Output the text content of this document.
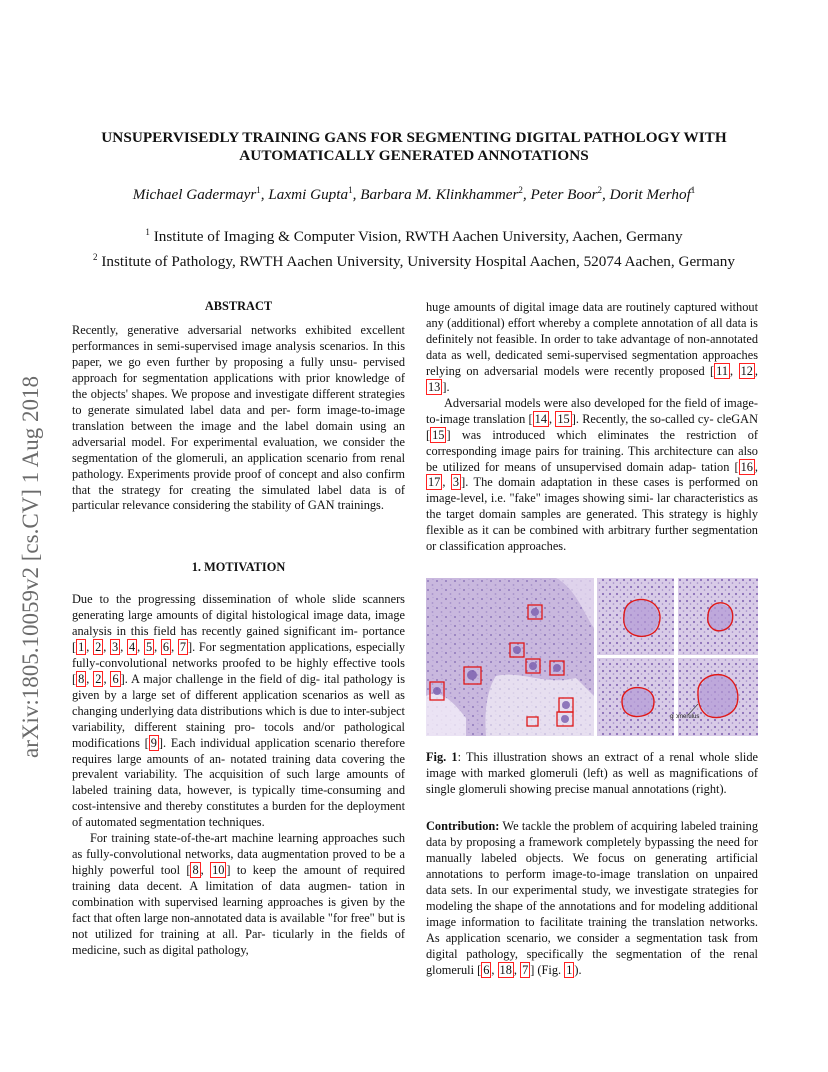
UNSUPERVISEDLY TRAINING GANS FOR SEGMENTING DIGITAL PATHOLOGY WITH
AUTOMATICALLY GENERATED ANNOTATIONS
Michael Gadermayr$^1$, Laxmi Gupta$^1$, Barbara M. Klinkhammer$^2$, Peter Boor$^2$, Dorit Merhof$^1$
$^1$ Institute of Imaging & Computer Vision, RWTH Aachen University, Aachen, Germany
$^2$ Institute of Pathology, RWTH Aachen University, University Hospital Aachen, 52074 Aachen, Germany
arXiv:1805.10059v2 [cs.CV] 1 Aug 2018
ABSTRACT

Recently, generative adversarial networks exhibited excellent performances in semi-supervised image analysis scenarios. In this paper, we go even further by proposing a fully unsu- pervised approach for segmentation applications with prior knowledge of the objects' shapes. We propose and investigate different strategies to generate simulated label data and per- form image-to-image translation between the image and the label domain using an adversarial model. For experimental evaluation, we consider the segmentation of the glomeruli, an application scenario from renal pathology. Experiments provide proof of concept and also confirm that the strategy for creating the simulated label data is of particular relevance considering the stability of GAN trainings.

1. MOTIVATION

Due to the progressing dissemination of whole slide scanners generating large amounts of digital histological image data, image analysis in this field has recently gained significant im- portance [ 1 , 2 , 3 , 4 , 5 , 6 , 7 ]. For segmentation applications, especially fully-convolutional networks proofed to be highly effective tools [ 8 , 2 , 6 ]. A major challenge in the field of dig- ital pathology is given by a large set of different application scenarios as well as changing underlying data distributions which is due to inter-subject variability, different staining pro- tocols and/or pathological modifications [ 9 ]. Each individual application scenario therefore requires large amounts of an- notated training data covering the prevalent variability. The acquisition of such large amounts of labeled training data, however, is typically time-consuming and cost-intensive and thereby constitutes a burden for the deployment of automated segmentation techniques.

For training state-of-the-art machine learning approaches such as fully-convolutional networks, data augmentation proved to be a highly powerful tool [ 8 , 10 ] to keep the amount of required training data decent. A limitation of data augmen- tation in combination with supervised learning approaches is given by the fact that often large non-annotated data is available "for free" but is not utilized for training at all. Par- ticularly in the fields of medicine, such as digital pathology,

huge amounts of digital image data are routinely captured without any (additional) effort whereby a complete annotation of all data is definitely not feasible. In order to take advantage of non-annotated data as well, dedicated semi-supervised segmentation approaches relying on adversarial models were recently proposed [ 11 , 12 , 13 ].

Adversarial models were also developed for the field of image-to-image translation [ 14 , 15 ]. Recently, the so-called cy- cleGAN [ 15 ] was introduced which eliminates the restriction of corresponding image pairs for training. This architecture can also be utilized for means of unsupervised domain adap- tation [ 16 , 17 , 3 ]. The domain adaptation in these cases is performed on image-level, i.e. "fake" images showing simi- lar characteristics as the target domain samples are generated. This strategy is highly flexible as it can be combined with arbitrary further segmentation or classification approaches.

glomerulus

Fig. 1: This illustration shows an extract of a renal whole slide image with marked glomeruli (left) as well as magnifications of single glomeruli showing precise manual annotations (right).

Contribution: We tackle the problem of acquiring labeled training data by proposing a framework completely bypassing the need for manually labeled objects. We focus on generating artificial annotations to perform image-to-image translation on unpaired data sets. In our experimental study, we investigate strategies for modeling the shape of the annotations and for modeling additional image information to facilitate training the translation networks. As application scenario, we consider a segmentation task from digital pathology, specifically the segmentation of the renal glomeruli [ 6 , 18 , 7 ] (Fig. 1 ).
